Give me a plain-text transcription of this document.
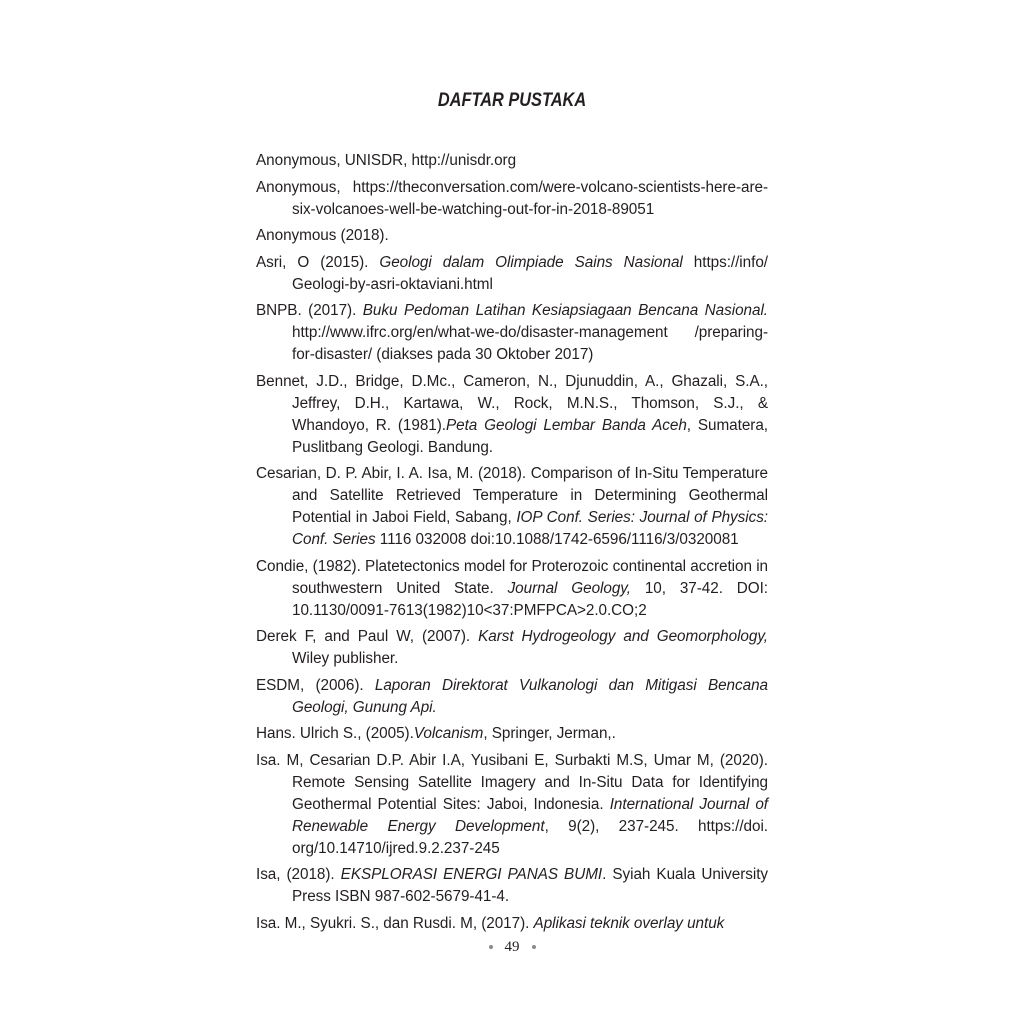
DAFTAR PUSTAKA
Anonymous, UNISDR, http://unisdr.org
Anonymous, https://theconversation.com/were-volcano-scientists-here-are-six-volcanoes-well-be-watching-out-for-in-2018-89051
Anonymous (2018).
Asri, O (2015). Geologi dalam Olimpiade Sains Nasional https://info/ Geologi-by-asri-oktaviani.html
BNPB. (2017). Buku Pedoman Latihan Kesiapsiagaan Bencana Nasional. http://www.ifrc.org/en/what-we-do/disaster-management /preparing-for-disaster/ (diakses pada 30 Oktober 2017)
Bennet, J.D., Bridge, D.Mc., Cameron, N., Djunuddin, A., Ghazali, S.A., Jeffrey, D.H., Kartawa, W., Rock, M.N.S., Thomson, S.J., & Whandoyo, R. (1981).Peta Geologi Lembar Banda Aceh, Sumatera, Puslitbang Geologi. Bandung.
Cesarian, D. P. Abir, I. A. Isa, M. (2018). Comparison of In-Situ Temperature and Satellite Retrieved Temperature in Determining Geothermal Potential in Jaboi Field, Sabang, IOP Conf. Series: Journal of Physics: Conf. Series 1116 032008 doi:10.1088/1742-6596/1116/3/0320081
Condie, (1982). Platetectonics model for Proterozoic continental accretion in southwestern United State. Journal Geology, 10, 37-42. DOI: 10.1130/0091-7613(1982)10<37:PMFPCA>2.0.CO;2
Derek F, and Paul W, (2007). Karst Hydrogeology and Geomorphology, Wiley publisher.
ESDM, (2006). Laporan Direktorat Vulkanologi dan Mitigasi Bencana Geologi, Gunung Api.
Hans. Ulrich S., (2005).Volcanism, Springer, Jerman,.
Isa. M, Cesarian D.P. Abir I.A, Yusibani E, Surbakti M.S, Umar M, (2020). Remote Sensing Satellite Imagery and In-Situ Data for Identifying Geothermal Potential Sites: Jaboi, Indonesia. International Journal of Renewable Energy Development, 9(2), 237-245. https://doi. org/10.14710/ijred.9.2.237-245
Isa, (2018). EKSPLORASI ENERGI PANAS BUMI. Syiah Kuala University Press ISBN 987-602-5679-41-4.
Isa. M., Syukri. S., dan Rusdi. M, (2017). Aplikasi teknik overlay untuk
49
